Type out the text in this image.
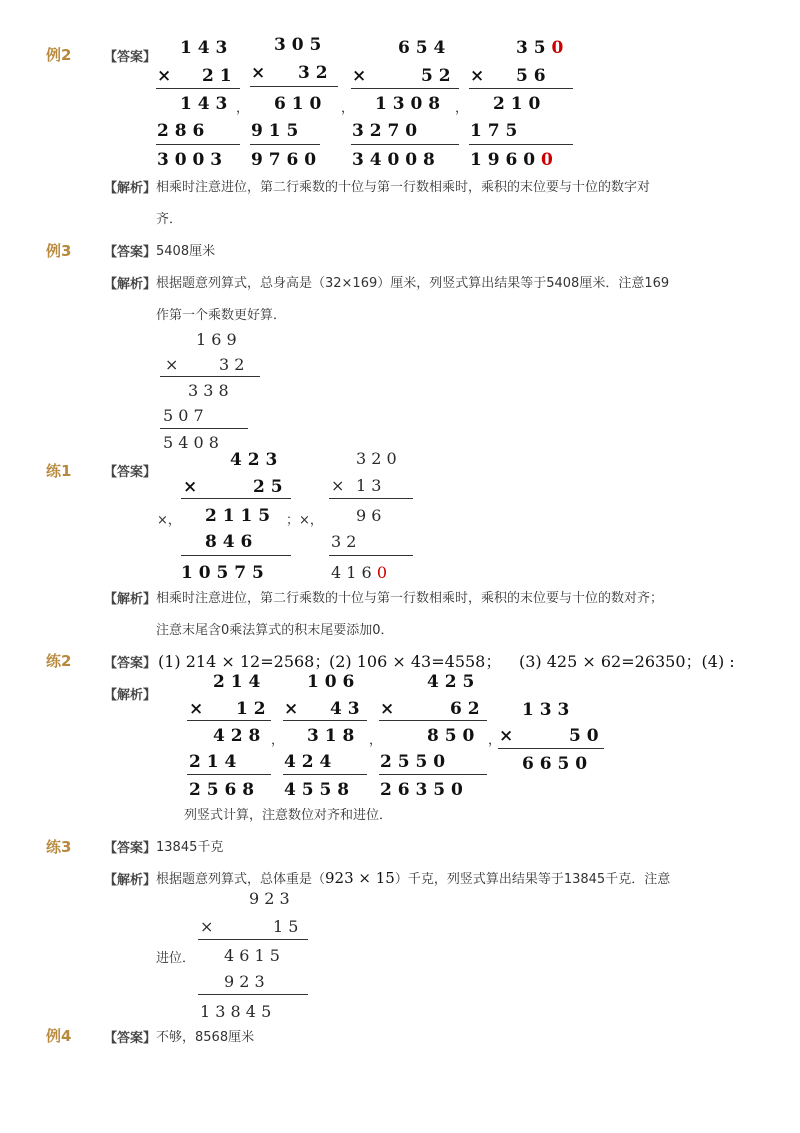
例2	【答案】 1 4 3
× 2 1
1 4 3 ，
2 8 6
3 0 0 3
3 0 5
× 3 2
6 1 0 ，
9 1 5
9 7 6 0
6 5 4
×	5 2
1 3 0 8 ，
3 2 7 0
3 4 0 0 8
3 5 0
× 5 6
2 1 0
1 7 5
1 9 6 0 0
【解析】 相乘时注意进位，第二行乘数的十位与第一行数相乘时，乘积的末位要与十位的数字对
齐．
例3	【答案】 5408厘米
【解析】 根据题意列算式，总身高是（32×169）厘米，列竖式算出结果等于5408厘米．注意169
作第一个乘数更好算．
1 6 9
×	3 2
3 3 8
5 0 7
5 4 0 8
练1	【答案】
4 2 3
×	2 5
×， 2 1 1 5 ；×，
8 4 6
1 0 5 7 5
3 2 0
× 1 3
9 6
3 2
4 1 6 0
【解析】 相乘时注意进位，第二行乘数的十位与第一行数相乘时，乘积的末位要与十位的数对齐；
注意末尾含0乘法算式的积末尾要添加0．
练2	【答案】 (1) 214 × 12=2568；
(2) 106 × 43=4558； (3) 425 × 62=26350；(4) :
【解析】
2 1 4
× 1 2
4 2 8 ，
2 1 4
2 5 6 8
1 0 6
× 4 3
3 1 8 ，
4 2 4
4 5 5 8
4 2 5
×	6 2
8 5 0 ，
2 5 5 0
2 6 3 5 0
1 3 3
×	5 0
6 6 5 0
列竖式计算，注意数位对齐和进位．
练3	【答案】 13845千克
【解析】 根据题意列算式，总体重是（923 × 15）千克，列竖式算出结果等于13845千克．注意
进位．
9 2 3
×	1 5
4 6 1 5
9 2 3
1 3 8 4 5
例4	【答案】 不够，8568厘米
